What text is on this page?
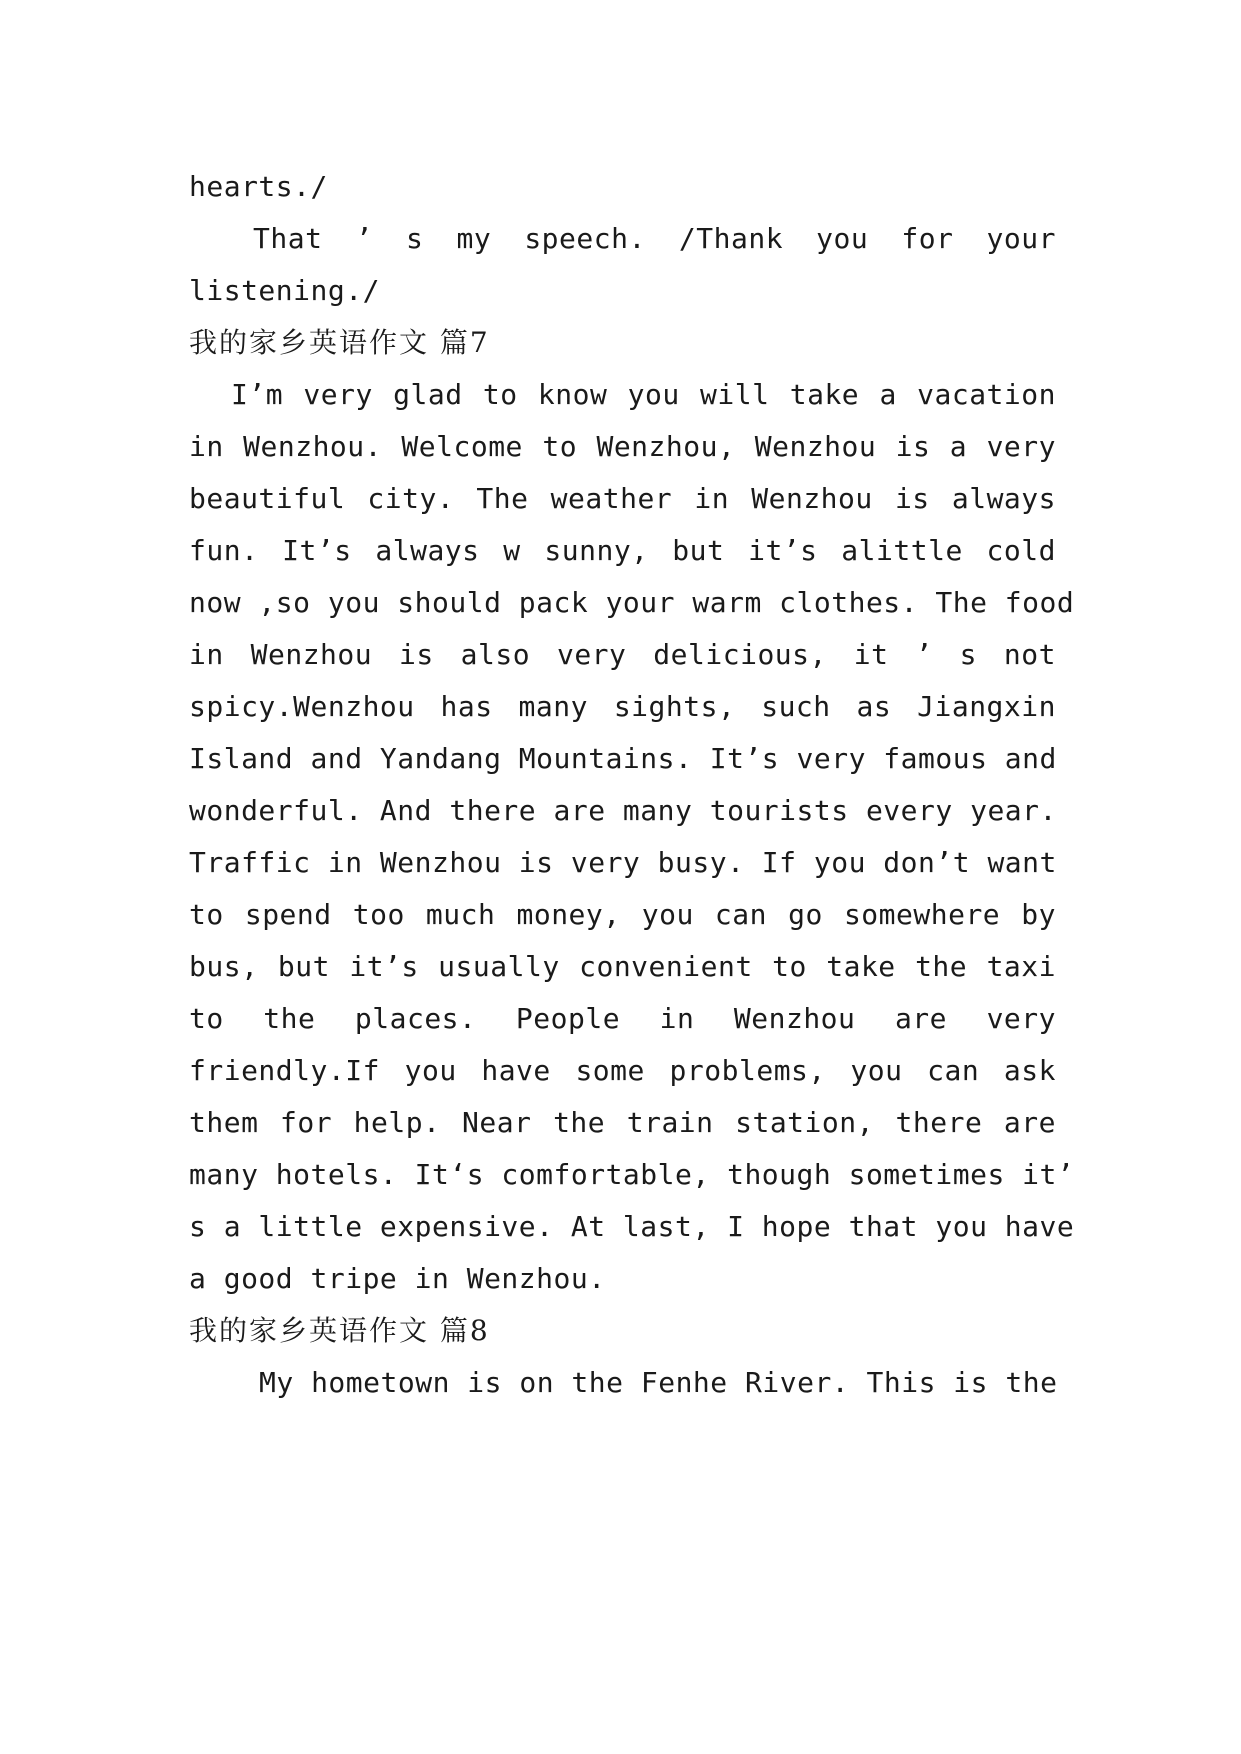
hearts./
That ’ s my speech. /Thank you for your
listening./
我的家乡英语作文 篇7
I’m very glad to know you will take a vacation
in Wenzhou. Welcome to Wenzhou, Wenzhou is a very
beautiful city. The weather in Wenzhou is always
fun. It’s always w sunny, but it’s alittle cold
now ,so you should pack your warm clothes. The food
in Wenzhou is also very delicious, it ’ s not
spicy.Wenzhou has many sights, such as Jiangxin
Island and Yandang Mountains. It’s very famous and
wonderful. And there are many tourists every year.
Traffic in Wenzhou is very busy. If you don’t want
to spend too much money, you can go somewhere by
bus, but it’s usually convenient to take the taxi
to the places. People in Wenzhou are very
friendly.If you have some problems, you can ask
them for help. Near the train station, there are
many hotels. It‘s comfortable, though sometimes it’
s a little expensive. At last, I hope that you have
a good tripe in Wenzhou.
我的家乡英语作文 篇8
My hometown is on the Fenhe River. This is the
